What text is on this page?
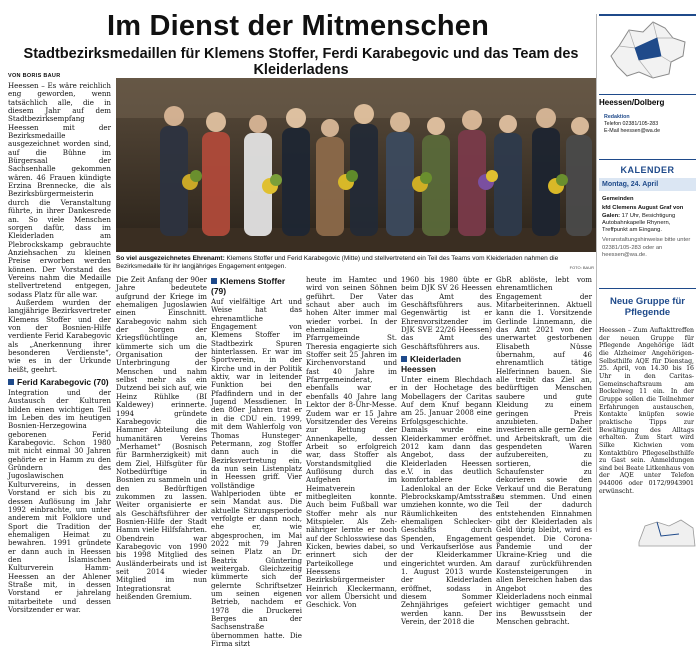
Im Dienst der Mitmenschen
Stadtbezirksmedaillen für Klemens Stoffer, Ferdi Karabegovic und das Team des Kleiderladens
VON BORIS BAUR

Heessen – Es wäre reichlich eng geworden, wenn tatsächlich alle, die in diesem Jahr auf dem Stadtbezirksempfang Heessen mit der Bezirksmedaille ausgezeichnet worden sind, auf die Bühne im Bürgersaal der Sachsenhalle gekommen wären. 46 Frauen kündigte Erzina Brennecke, die als Bezirksbürgermeisterin durch die Veranstaltung führte, in ihrer Dankesrede an. So viele Menschen sorgen dafür, dass im Kleiderladen am Plebrockskamp gebrauchte Anziehsachen zu kleinen Preise erworben werden können. Der Vorstand des Vereins nahm die Medaille stellvertretend entgegen, sodass Platz für alle war.

Außerdem wurden der langjährige Bezirksvertreter Klemens Stoffer und der von der Bosnien-Hilfe verdiente Ferid Karabegovic als „Anerkennung ihrer besonderen Verdienste“, wie es in der Urkunde heißt, geehrt.

Ferid Karabegovic (70)

Integration und der Austausch der Kulturen bilden einen wichtigen Teil im Leben des im heutigen Bosnien-Herzegowina geborenen Ferid Karabegovic. Schon 1980 mit nicht einmal 30 Jahren gehörte er in Hamm zu den Gründern des Jugoslawischen Kulturvereins, in dessen Vorstand er sich bis zu dessen Auflösung im Jahr 1992 einbrachte, um unter anderem mit Folklore und Sport die Tradition der ehemaligen Heimat zu bewahren. 1991 gründete er dann auch in Heessen den Islamischen Kulturverein Hamm-Heessen an der Ahlener Straße mit, in dessen Vorstand er jahrelang mitarbeitete und dessen Vorsitzender er war.

So viel ausgezeichnetes Ehrenamt: Klemens Stoffer und Ferid Karabegovic (Mitte) und stellvertretend ein Teil des Teams vom Kleiderladen nahmen die Bezirksmedaille für ihr langjähriges Engagement entgegen.	FOTO: BAUR

Die Zeit Anfang der 90er Jahre bedeutete aufgrund der Kriege im ehemaligen Jugoslawien einen Einschnitt. Karabegovic nahm sich der Sorgen der Kriegsflüchtlinge an, kümmerte sich um die Organisation der Unterbringung der Menschen und nahm selbst mehr als ein Dutzend bei sich auf, wie Heinz Rühlke (BI Kaldewey) erinnerte. 1994 gründete Karabegovic die Hammer Abteilung des humanitären Vereins „Merhamet“ (Bosnisch für Barmherzigkeit) mit dem Ziel, Hilfsgüter für Notbedürftige in Bosnien zu sammeln und den Bedürftigen zukommen zu lassen. Weiter organisierte er als Geschäftsführer der Bosnien-Hilfe der Stadt Hamm viele Hilfsfahrten. Obendrein war Karabegovic von 1990 bis 1998 Mitglied des Ausländerbeirats und ist seit 2014 wieder Mitglied im nun Integrationsrat heißenden Gremium.

Klemens Stoffer (79)

Auf vielfältige Art und Weise hat das ehrenamtliche Engagement von Klemens Stoffer im Stadtbezirk Spuren hinterlassen. Er war im Sportverein, in der Kirche und in der Politik aktiv, war in leitender Funktion bei den Pfadfindern und in der Jugend Messdiener. In den 80er Jahren trat er in die CDU ein. 1999, mit dem Wahlerfolg von Thomas Hunsteger-Petermann, zog Stoffer dann auch in die Bezirksvertretung ein, da nun sein Listenplatz in Heessen griff. Vier vollständige Wahlperioden übte er sein Mandat aus. Die aktuelle Sitzungsperiode verfolgte er dann noch, ehe er, wie abgesprochen, im Mai 2022 mit 79 Jahren seinen Platz an Dr. Beatrix Güntering weitergab. Gleichzeitig kümmerte sich der gelernte Schriftsetzer um seinen eigenen Betrieb, nachdem er 1978 die Druckerei Berges an der Sachsenstraße übernommen hatte. Die Firma sitzt

heute im Hamtec und wird von seinen Söhnen geführt. Der Vater schaut aber auch im hohen Alter immer mal wieder vorbei. In der ehemaligen Pfarrgemeinde St. Theresia engagierte sich Stoffer seit 25 Jahren im Kirchenvorstand und fast 40 Jahre im Pfarrgemeinderat, ebenfalls war er ebenfalls 40 Jahre lang Lektor der 8-Uhr-Messe. Zudem war er 15 Jahre Vorsitzender des Vereins zur Rettung der Annenkapelle, dessen Arbeit so erfolgreich war, dass Stoffer als Vorstandsmitglied die Auflösung durch das Aufgehen im Heimatverein mitbegleiten konnte. Auch beim Fußball war Stoffer mehr als nur Mitspieler. Als Zehnähriger lernte er noch auf der Schlosswiese das Kicken, bewies dabei, so erinnert sich der Parteikollege und Heessens Bezirksbürgermeister Heinrich Kleckermann, vor allem Übersicht und Geschick. Von

1960 bis 1980 übte er beim DJK SV 26 Heessen das Amt des Geschäftsführers aus. Gegenwärtig ist er Ehrenvorsitzender im DJK SVE 22/26 Heessen) das Amt des Geschäftsführers aus.

Kleiderladen Heessen

Unter einem Blechdach in der Hochetage des Mobellagers der Caritas Auf dem Knuf begann am 25. Januar 2008 eine Erfolgsgeschichte. Damals wurde eine Kleiderkammer eröffnet. 2012 kam dann das Angebot, dass der Kleiderladen Heessen e.V. in das deutlich komfortablere Ladenlokal an der Ecke Plebrockskamp/Amtsstraße umziehen konnte, wo die Räumlichkeiten des ehemaligen Schlecker-Geschäfts durch Spenden, Engagement und Verkaufserlöse aus der Kleiderkammer eingerichtet wurden. Am 1. August 2013 wurde der Kleiderladen eröffnet, sodass in diesem Sommer Zehnjähriges gefeiert werden kann. Der Verein, der 2018 die

GbR ablöste, lebt vom ehrenamtlichen Engagement der Mitarbeiterinnen. Aktuell kann die 1. Vorsitzende Gerlinde Linnemann, die das Amt 2021 von der unerwartet gestorbenen Elisabeth Nüsse übernahm, auf 46 ehrenamtlich tätige Helferinnen bauen. Sie alle treibt das Ziel an, bedürftigen Menschen saubere und gute Kleidung zu einem geringen Preis anzubieten. Daher investieren alle gerne Zeit und Arbeitskraft, um die gespendeten Waren aufzubereiten, zu sortieren, die Schaufenster zu dekorieren sowie den Verkauf und die Beratung zu stemmen. Und einen Teil der dadurch entstehenden Einnahmen gibt der Kleiderladen als Geld übrig bleibt, wird es gespendet. Die Corona-Pandemie und der Ukraine-Krieg und die darauf zurückführenden Kostensteigerungen in allen Bereichen haben das Angebot des Kleiderladens noch einmal wichtiger gemacht und ins Bewusstsein der Menschen gebracht.

Heessen/Dolberg
Redaktion
Telefon 02381/105-283
E-Mail heessen@wa.de
KALENDER
Montag, 24. April
Gemeinden
kfd Clemens August Graf von Galen: 17 Uhr, Besichtigung Autobahnkapelle Rhynern, Treffpunkt am Eingang.
Veranstaltungshinweise bitte unter 02381/105-283 oder an heessen@wa.de.
Neue Gruppe für Pflegende

Heessen – Zum Auftakttreffen der neuen Gruppe für Pflegende Angehörige lädt die Alzheimer Angehörigen-Selbsthilfe AQE für Dienstag, 25. April, von 14.30 bis 16 Uhr in den Caritas-Gemeinschaftsraum am Bockelweg 11 ein. In der Gruppe sollen die Teilnehmer Erfahrungen austauschen, Kontakte knüpfen sowie praktische Tipps zur Bewältigung des Alltags erhalten. Zum Start wird Silke Kichwien vom Kontaktbüro Pflegeselbsthilfe zu Gast sein. Anmeldungen sind bei Beate Litkenhaus von der AQE unter Telefon 944006 oder 0172/9943901 erwünscht.
